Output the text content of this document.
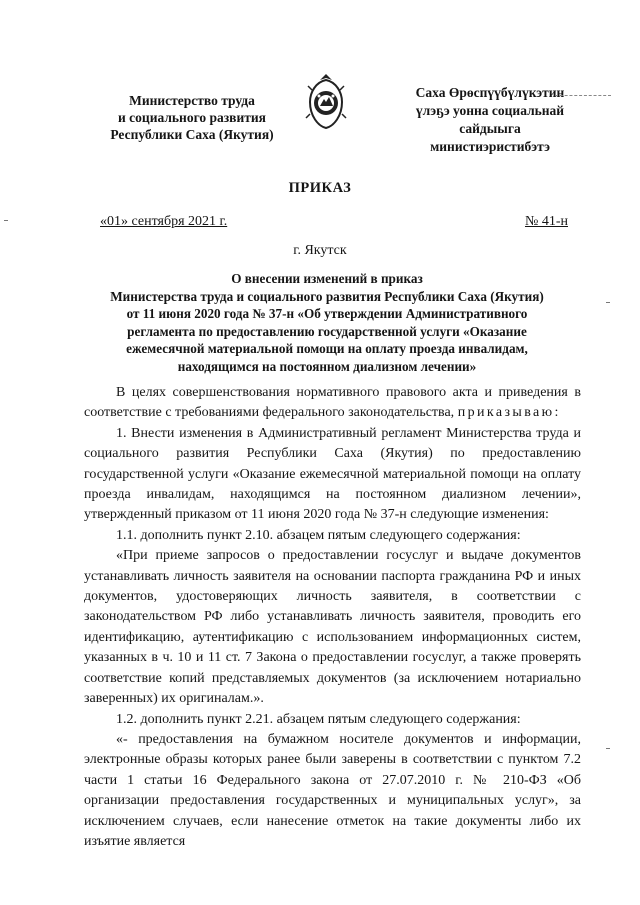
Министерство труда
и социального развития
Республики Саха (Якутия)
Саха Өрөспүүбүлүкэтин
үлэҕэ уонна социальнай
сайдыыга
министиэристибэтэ
ПРИКАЗ
«01» сентября 2021 г.	№ 41-н
г. Якутск
О внесении изменений в приказ
Министерства труда и социального развития Республики Саха (Якутия)
от 11 июня 2020 года № 37-н «Об утверждении Административного
регламента по предоставлению государственной услуги «Оказание
ежемесячной материальной помощи на оплату проезда инвалидам,
находящимся на постоянном диализном лечении»

В целях совершенствования нормативного правового акта и приведения в соответствие с требованиями федерального законодательства, приказываю:

1. Внести изменения в Административный регламент Министерства труда и социального развития Республики Саха (Якутия) по предоставлению государственной услуги «Оказание ежемесячной материальной помощи на оплату проезда инвалидам, находящимся на постоянном диализном лечении», утвержденный приказом от 11 июня 2020 года № 37-н следующие изменения:

1.1. дополнить пункт 2.10. абзацем пятым следующего содержания:

«При приеме запросов о предоставлении госуслуг и выдаче документов устанавливать личность заявителя на основании паспорта гражданина РФ и иных документов, удостоверяющих личность заявителя, в соответствии с законодательством РФ либо устанавливать личность заявителя, проводить его идентификацию, аутентификацию с использованием информационных систем, указанных в ч. 10 и 11 ст. 7 Закона о предоставлении госуслуг, а также проверять соответствие копий представляемых документов (за исключением нотариально заверенных) их оригиналам.».

1.2. дополнить пункт 2.21. абзацем пятым следующего содержания:

«- предоставления на бумажном носителе документов и информации, электронные образы которых ранее были заверены в соответствии с пунктом 7.2 части 1 статьи 16 Федерального закона от 27.07.2010 г. № 210-ФЗ «Об организации предоставления государственных и муниципальных услуг», за исключением случаев, если нанесение отметок на такие документы либо их изъятие является
